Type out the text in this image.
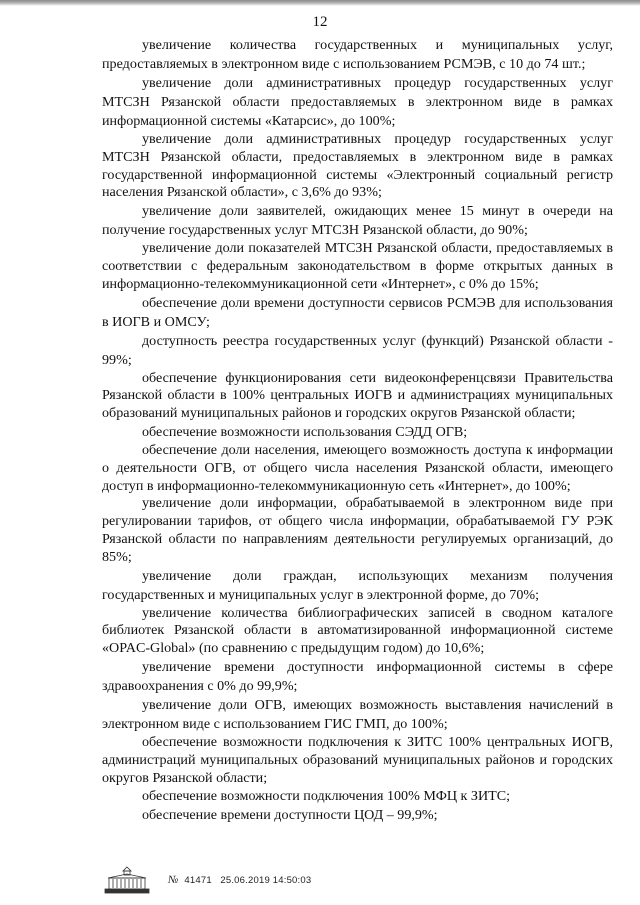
12

увеличение количества государственных и муниципальных услуг, предоставляемых в электронном виде с использованием РСМЭВ, с 10 до 74 шт.;

увеличение доли административных процедур государственных услуг МТСЗН Рязанской области предоставляемых в электронном виде в рамках информационной системы «Катарсис», до 100%;

увеличение доли административных процедур государственных услуг МТСЗН Рязанской области, предоставляемых в электронном виде в рамках государственной информационной системы «Электронный социальный регистр населения Рязанской области», с 3,6% до 93%;

увеличение доли заявителей, ожидающих менее 15 минут в очереди на получение государственных услуг МТСЗН Рязанской области, до 90%;

увеличение доли показателей МТСЗН Рязанской области, предоставляемых в соответствии с федеральным законодательством в форме открытых данных в информационно-телекоммуникационной сети «Интернет», с 0% до 15%;

обеспечение доли времени доступности сервисов РСМЭВ для использования в ИОГВ и ОМСУ;

доступность реестра государственных услуг (функций) Рязанской области - 99%;

обеспечение функционирования сети видеоконференцсвязи Правительства Рязанской области в 100% центральных ИОГВ и администрациях муниципальных образований муниципальных районов и городских округов Рязанской области;

обеспечение возможности использования СЭДД ОГВ;

обеспечение доли населения, имеющего возможность доступа к информации о деятельности ОГВ, от общего числа населения Рязанской области, имеющего доступ в информационно-телекоммуникационную сеть «Интернет», до 100%;

увеличение доли информации, обрабатываемой в электронном виде при регулировании тарифов, от общего числа информации, обрабатываемой ГУ РЭК Рязанской области по направлениям деятельности регулируемых организаций, до 85%;

увеличение доли граждан, использующих механизм получения государственных и муниципальных услуг в электронной форме, до 70%;

увеличение количества библиографических записей в сводном каталоге библиотек Рязанской области в автоматизированной информационной системе «OPAC-Global» (по сравнению с предыдущим годом) до 10,6%;

увеличение времени доступности информационной системы в сфере здравоохранения с 0% до 99,9%;

увеличение доли ОГВ, имеющих возможность выставления начислений в электронном виде с использованием ГИС ГМП, до 100%;

обеспечение возможности подключения к ЗИТС 100% центральных ИОГВ, администраций муниципальных образований муниципальных районов и городских округов Рязанской области;

обеспечение возможности подключения 100% МФЦ к ЗИТС;

обеспечение времени доступности ЦОД – 99,9%;

№ 41471 25.06.2019 14:50:03
